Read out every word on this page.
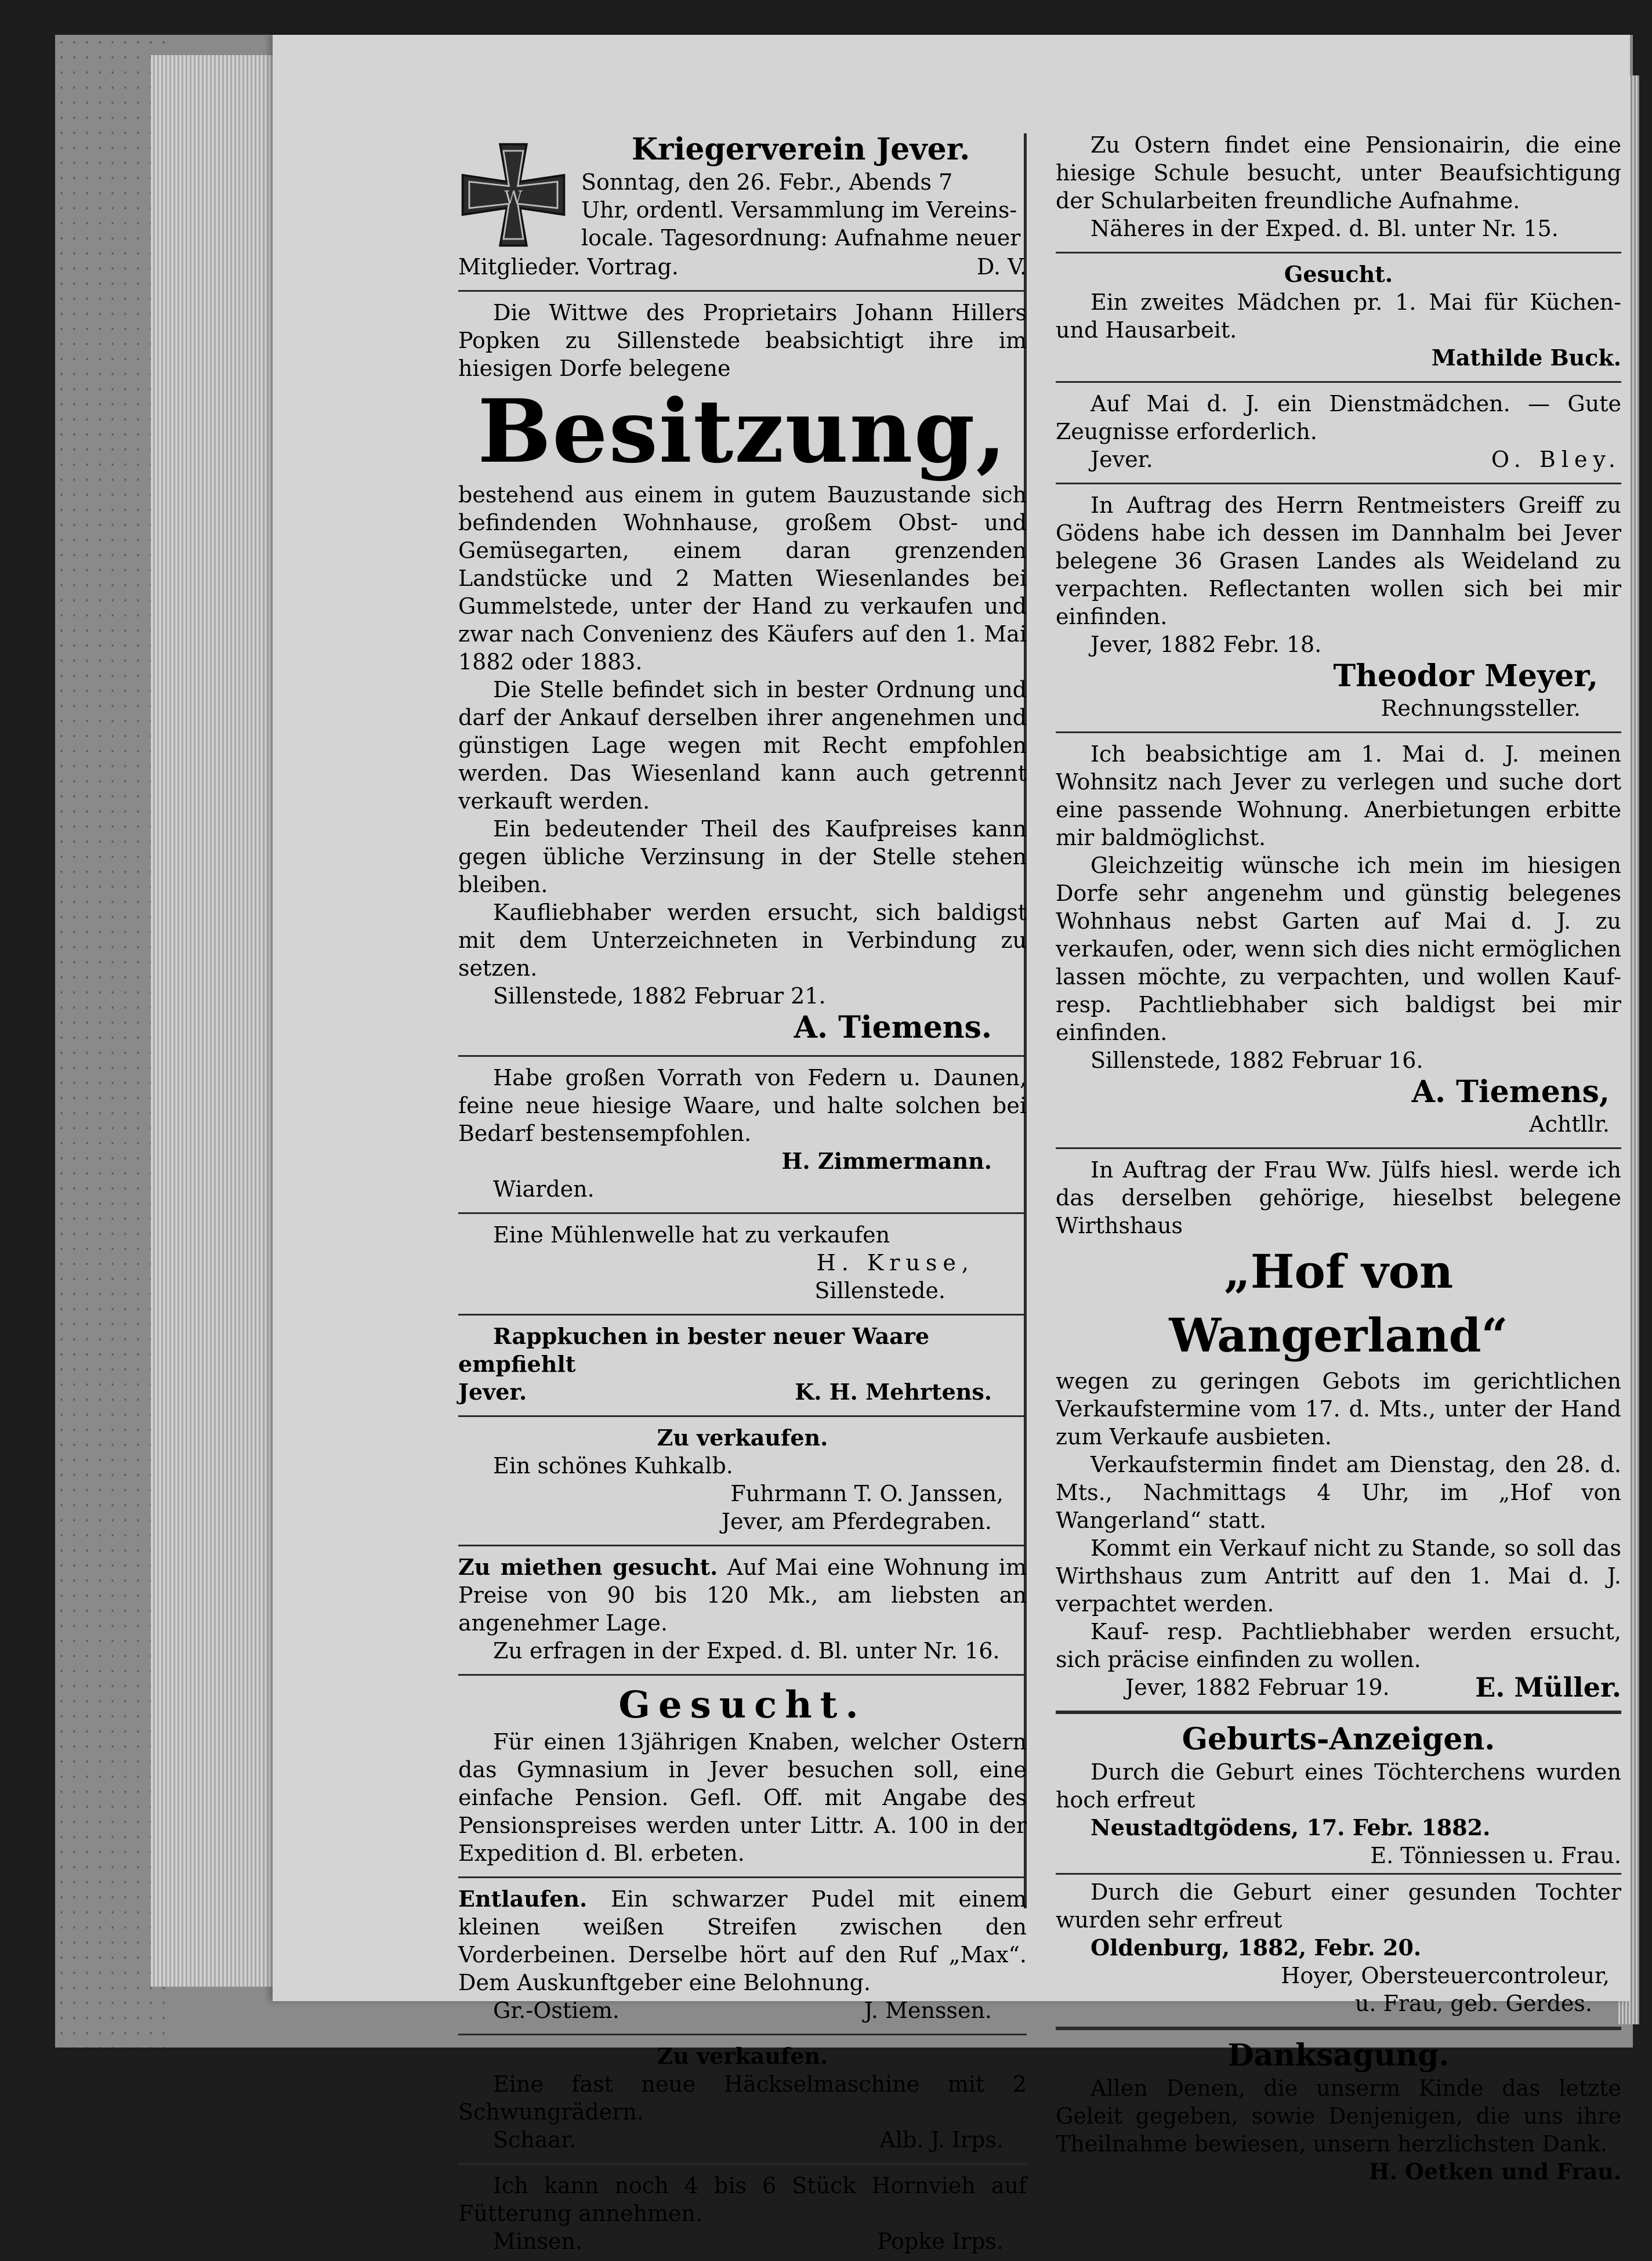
W

Kriegerverein Jever.

Sonntag, den 26. Febr., Abends 7

Uhr, ordentl. Versammlung im Vereins-

locale. Tagesordnung: Aufnahme neuer

Mitglieder. Vortrag.	D. V.

Die Wittwe des Proprietairs Johann Hillers Popken zu Sillenstede beabsichtigt ihre im hiesigen Dorfe belegene

Besitzung,

bestehend aus einem in gutem Bauzustande sich befindenden Wohnhause, großem Obst- und Gemüsegarten, einem daran grenzenden Landstücke und 2 Matten Wiesenlandes bei Gummelstede, unter der Hand zu verkaufen und zwar nach Convenienz des Käufers auf den 1. Mai 1882 oder 1883.

Die Stelle befindet sich in bester Ordnung und darf der Ankauf derselben ihrer angenehmen und günstigen Lage wegen mit Recht empfohlen werden. Das Wiesenland kann auch getrennt verkauft werden.

Ein bedeutender Theil des Kaufpreises kann gegen übliche Verzinsung in der Stelle stehen bleiben.

Kaufliebhaber werden ersucht, sich baldigst mit dem Unterzeichneten in Verbindung zu setzen.

Sillenstede, 1882 Februar 21.

A. Tiemens.

Habe großen Vorrath von Federn u. Daunen, feine neue hiesige Waare, und halte solchen bei Bedarf bestensempfohlen.

H. Zimmermann.

Wiarden.

Eine Mühlenwelle hat zu verkaufen

H. Kruse,

Sillenstede.

Rappkuchen in bester neuer Waare empfiehlt

Jever.	K. H. Mehrtens.

Zu verkaufen.

Ein schönes Kuhkalb.

Fuhrmann T. O. Janssen,

Jever, am Pferdegraben.

Zu miethen gesucht. Auf Mai eine Wohnung im Preise von 90 bis 120 Mk., am liebsten an angenehmer Lage.

Zu erfragen in der Exped. d. Bl. unter Nr. 16.

Gesucht.

Für einen 13jährigen Knaben, welcher Ostern das Gymnasium in Jever besuchen soll, eine einfache Pension. Gefl. Off. mit Angabe des Pensionspreises werden unter Littr. A. 100 in der Expedition d. Bl. erbeten.

Entlaufen. Ein schwarzer Pudel mit einem kleinen weißen Streifen zwischen den Vorderbeinen. Derselbe hört auf den Ruf „Max“. Dem Auskunftgeber eine Belohnung.

Gr.-Ostiem.	J. Menssen.

Zu verkaufen.

Eine fast neue Häckselmaschine mit 2 Schwungrädern.

Schaar.	Alb. J. Irps.

Ich kann noch 4 bis 6 Stück Hornvieh auf Fütterung annehmen.

Minsen.	Popke Irps.

Zu Ostern findet eine Pensionairin, die eine hiesige Schule besucht, unter Beaufsichtigung der Schularbeiten freundliche Aufnahme.

Näheres in der Exped. d. Bl. unter Nr. 15.

Gesucht.

Ein zweites Mädchen pr. 1. Mai für Küchen- und Hausarbeit.

Mathilde Buck.

Auf Mai d. J. ein Dienstmädchen. — Gute Zeugnisse erforderlich.

Jever.	O. Bley.

In Auftrag des Herrn Rentmeisters Greiff zu Gödens habe ich dessen im Dannhalm bei Jever belegene 36 Grasen Landes als Weideland zu verpachten. Reflectanten wollen sich bei mir einfinden.

Jever, 1882 Febr. 18.

Theodor Meyer,

Rechnungssteller.

Ich beabsichtige am 1. Mai d. J. meinen Wohnsitz nach Jever zu verlegen und suche dort eine passende Wohnung. Anerbietungen erbitte mir baldmöglichst.

Gleichzeitig wünsche ich mein im hiesigen Dorfe sehr angenehm und günstig belegenes Wohnhaus nebst Garten auf Mai d. J. zu verkaufen, oder, wenn sich dies nicht ermöglichen lassen möchte, zu verpachten, und wollen Kauf- resp. Pachtliebhaber sich baldigst bei mir einfinden.

Sillenstede, 1882 Februar 16.

A. Tiemens,

Achtllr.

In Auftrag der Frau Ww. Jülfs hiesl. werde ich das derselben gehörige, hieselbst belegene Wirthshaus

„Hof von Wangerland“

wegen zu geringen Gebots im gerichtlichen Verkaufstermine vom 17. d. Mts., unter der Hand zum Verkaufe ausbieten.

Verkaufstermin findet am Dienstag, den 28. d. Mts., Nachmittags 4 Uhr, im „Hof von Wangerland“ statt.

Kommt ein Verkauf nicht zu Stande, so soll das Wirthshaus zum Antritt auf den 1. Mai d. J. verpachtet werden.

Kauf- resp. Pachtliebhaber werden ersucht, sich präcise einfinden zu wollen.

Jever, 1882 Februar 19.	E. Müller.

Geburts-Anzeigen.

Durch die Geburt eines Töchterchens wurden hoch erfreut

Neustadtgödens, 17. Febr. 1882.

E. Tönniessen u. Frau.

Durch die Geburt einer gesunden Tochter wurden sehr erfreut

Oldenburg, 1882, Febr. 20.

Hoyer, Obersteuercontroleur,

u. Frau, geb. Gerdes.

Danksagung.

Allen Denen, die unserm Kinde das letzte Geleit gegeben, sowie Denjenigen, die uns ihre Theilnahme bewiesen, unsern herzlichsten Dank.

H. Oetken und Frau.
